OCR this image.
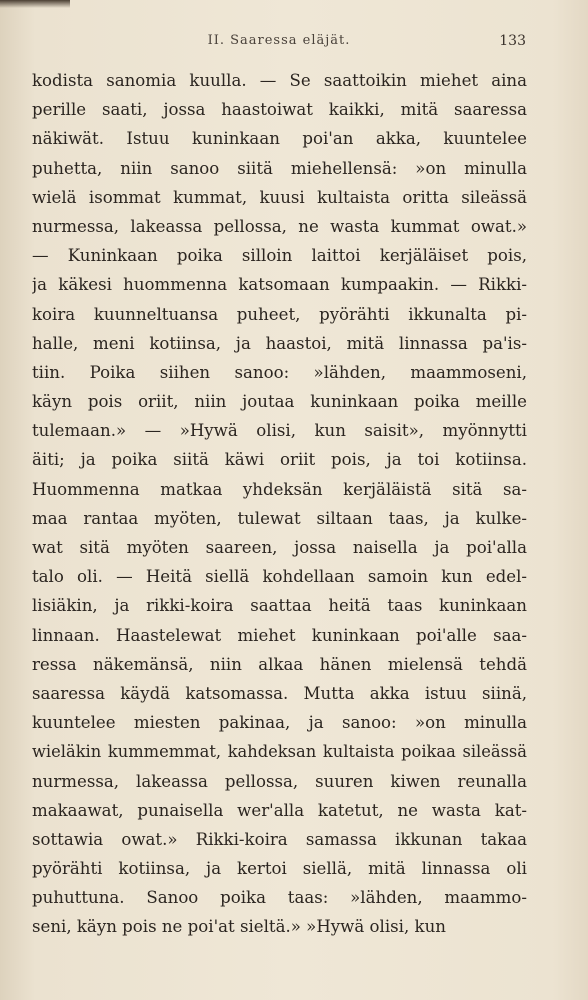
II. Saaressa eläjät.	133
kodista sanomia kuulla. — Se saattoikin miehet aina
perille saati, jossa haastoiwat kaikki, mitä saaressa
näkiwät. Istuu kuninkaan poi'an akka, kuuntelee
puhetta, niin sanoo siitä miehellensä: »on minulla
wielä isommat kummat, kuusi kultaista oritta sileässä
nurmessa, lakeassa pellossa, ne wasta kummat owat.»
— Kuninkaan poika silloin laittoi kerjäläiset pois,
ja käkesi huommenna katsomaan kumpaakin. — Rikki-
koira kuunneltuansa puheet, pyörähti ikkunalta pi-
halle, meni kotiinsa, ja haastoi, mitä linnassa pa'is-
tiin. Poika siihen sanoo: »lähden, maammoseni,
käyn pois oriit, niin joutaa kuninkaan poika meille
tulemaan.» — »Hywä olisi, kun saisit», myönnytti
äiti; ja poika siitä käwi oriit pois, ja toi kotiinsa.
Huommenna matkaa yhdeksän kerjäläistä sitä sa-
maa rantaa myöten, tulewat siltaan taas, ja kulke-
wat sitä myöten saareen, jossa naisella ja poi'alla
talo oli. — Heitä siellä kohdellaan samoin kun edel-
lisiäkin, ja rikki-koira saattaa heitä taas kuninkaan
linnaan. Haastelewat miehet kuninkaan poi'alle saa-
ressa näkemänsä, niin alkaa hänen mielensä tehdä
saaressa käydä katsomassa. Mutta akka istuu siinä,
kuuntelee miesten pakinaa, ja sanoo: »on minulla
wieläkin kummemmat, kahdeksan kultaista poikaa sileässä
nurmessa, lakeassa pellossa, suuren kiwen reunalla
makaawat, punaisella wer'alla katetut, ne wasta kat-
sottawia owat.» Rikki-koira samassa ikkunan takaa
pyörähti kotiinsa, ja kertoi siellä, mitä linnassa oli
puhuttuna. Sanoo poika taas: »lähden, maammo-
seni, käyn pois ne poi'at sieltä.» »Hywä olisi, kun
